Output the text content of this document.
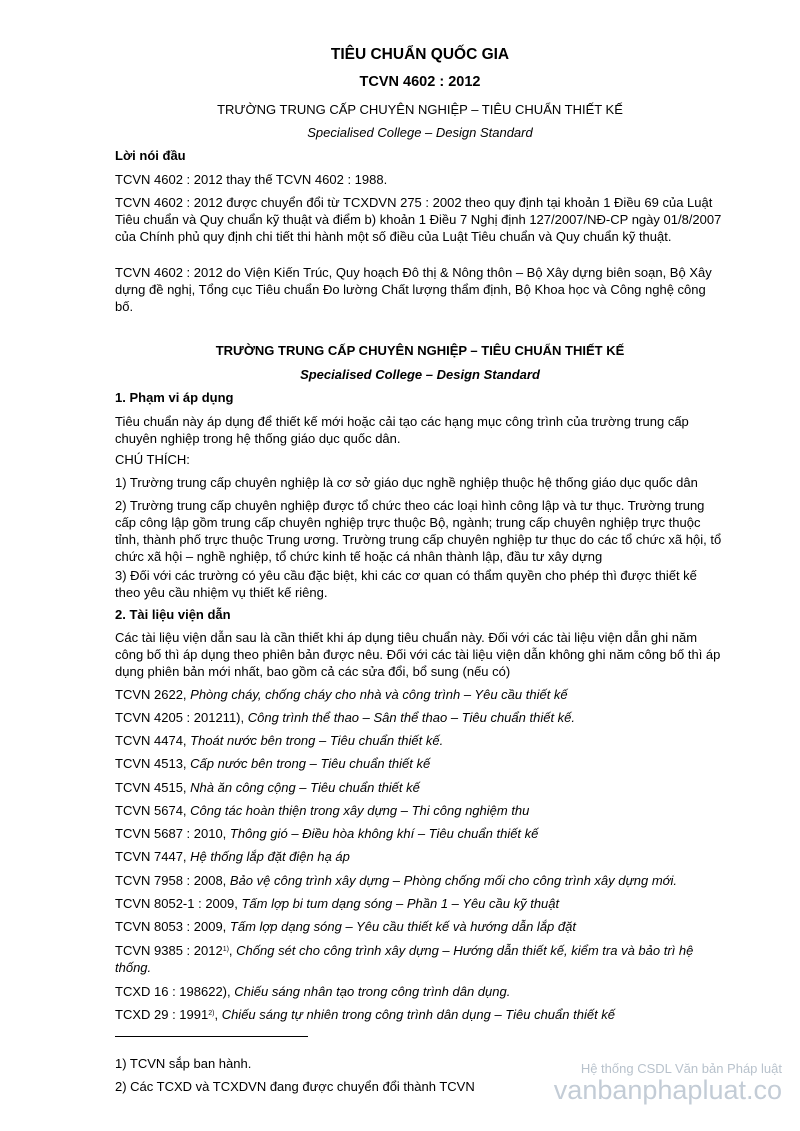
TIÊU CHUẨN QUỐC GIA
TCVN 4602 : 2012
TRƯỜNG TRUNG CẤP CHUYÊN NGHIỆP – TIÊU CHUẨN THIẾT KẾ
Specialised College – Design Standard

Lời nói đầu

TCVN 4602 : 2012 thay thế TCVN 4602 : 1988.

TCVN 4602 : 2012 được chuyển đổi từ TCXDVN 275 : 2002 theo quy định tại khoản 1 Điều 69 của Luật Tiêu chuẩn và Quy chuẩn kỹ thuật và điểm b) khoản 1 Điều 7 Nghị định 127/2007/NĐ-CP ngày 01/8/2007 của Chính phủ quy định chi tiết thi hành một số điều của Luật Tiêu chuẩn và Quy chuẩn kỹ thuật.

TCVN 4602 : 2012 do Viện Kiến Trúc, Quy hoạch Đô thị & Nông thôn – Bộ Xây dựng biên soạn, Bộ Xây dựng đề nghị, Tổng cục Tiêu chuẩn Đo lường Chất lượng thẩm định, Bộ Khoa học và Công nghệ công bố.

TRƯỜNG TRUNG CẤP CHUYÊN NGHIỆP – TIÊU CHUẨN THIẾT KẾ

Specialised College – Design Standard

1. Phạm vi áp dụng

Tiêu chuẩn này áp dụng để thiết kế mới hoặc cải tạo các hạng mục công trình của trường trung cấp chuyên nghiệp trong hệ thống giáo dục quốc dân.

CHÚ THÍCH:

1) Trường trung cấp chuyên nghiệp là cơ sở giáo dục nghề nghiệp thuộc hệ thống giáo dục quốc dân

2) Trường trung cấp chuyên nghiệp được tổ chức theo các loại hình công lập và tư thục. Trường trung cấp công lập gồm trung cấp chuyên nghiệp trực thuộc Bộ, ngành; trung cấp chuyên nghiệp trực thuộc tỉnh, thành phố trực thuộc Trung ương. Trường trung cấp chuyên nghiệp tư thục do các tổ chức xã hội, tổ chức xã hội – nghề nghiệp, tổ chức kinh tế hoặc cá nhân thành lập, đầu tư xây dựng

3) Đối với các trường có yêu cầu đặc biệt, khi các cơ quan có thẩm quyền cho phép thì được thiết kế theo yêu cầu nhiệm vụ thiết kế riêng.

2. Tài liệu viện dẫn

Các tài liệu viện dẫn sau là cần thiết khi áp dụng tiêu chuẩn này. Đối với các tài liệu viện dẫn ghi năm công bố thì áp dụng theo phiên bản được nêu. Đối với các tài liệu viện dẫn không ghi năm công bố thì áp dụng phiên bản mới nhất, bao gồm cả các sửa đổi, bổ sung (nếu có)

TCVN 2622, Phòng cháy, chống cháy cho nhà và công trình – Yêu cầu thiết kế

TCVN 4205 : 201211), Công trình thể thao – Sân thể thao – Tiêu chuẩn thiết kế.

TCVN 4474, Thoát nước bên trong – Tiêu chuẩn thiết kế.

TCVN 4513, Cấp nước bên trong – Tiêu chuẩn thiết kế

TCVN 4515, Nhà ăn công cộng – Tiêu chuẩn thiết kế

TCVN 5674, Công tác hoàn thiện trong xây dựng – Thi công nghiệm thu

TCVN 5687 : 2010, Thông gió – Điều hòa không khí – Tiêu chuẩn thiết kế

TCVN 7447, Hệ thống lắp đặt điện hạ áp

TCVN 7958 : 2008, Bảo vệ công trình xây dựng – Phòng chống mối cho công trình xây dựng mới.

TCVN 8052-1 : 2009, Tấm lợp bi tum dạng sóng – Phần 1 – Yêu cầu kỹ thuật

TCVN 8053 : 2009, Tấm lợp dạng sóng – Yêu cầu thiết kế và hướng dẫn lắp đặt

TCVN 9385 : 2012$^{1)}$, Chống sét cho công trình xây dựng – Hướng dẫn thiết kế, kiểm tra và bảo trì hệ thống.

TCXD 16 : 198622), Chiếu sáng nhân tạo trong công trình dân dụng.

TCXD 29 : 1991$^{2)}$, Chiếu sáng tự nhiên trong công trình dân dụng – Tiêu chuẩn thiết kế

1) TCVN sắp ban hành.

2) Các TCXD và TCXDVN đang được chuyển đổi thành TCVN

Hệ thống CSDL Văn bản Pháp luật
vanbanphapluat.co
